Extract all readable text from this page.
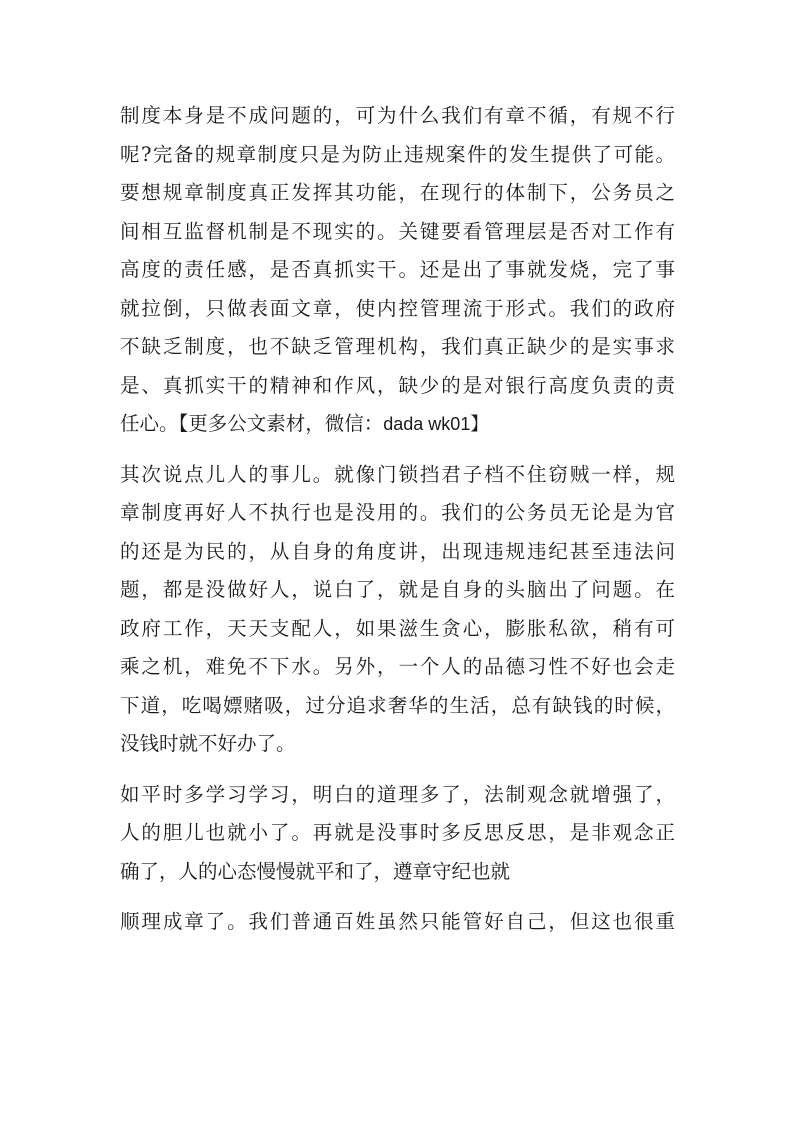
制度本身是不成问题的，可为什么我们有章不循，有规不行
呢?完备的规章制度只是为防止违规案件的发生提供了可能。
要想规章制度真正发挥其功能，在现行的体制下，公务员之
间相互监督机制是不现实的。关键要看管理层是否对工作有
高度的责任感，是否真抓实干。还是出了事就发烧，完了事
就拉倒，只做表面文章，使内控管理流于形式。我们的政府
不缺乏制度，也不缺乏管理机构，我们真正缺少的是实事求
是、真抓实干的精神和作风，缺少的是对银行高度负责的责
任心。【更多公文素材，微信：dada wk01】
其次说点儿人的事儿。就像门锁挡君子档不住窃贼一样，规
章制度再好人不执行也是没用的。我们的公务员无论是为官
的还是为民的，从自身的角度讲，出现违规违纪甚至违法问
题，都是没做好人，说白了，就是自身的头脑出了问题。在
政府工作，天天支配人，如果滋生贪心，膨胀私欲，稍有可
乘之机，难免不下水。另外，一个人的品德习性不好也会走
下道，吃喝嫖赌吸，过分追求奢华的生活，总有缺钱的时候，
没钱时就不好办了。
如平时多学习学习，明白的道理多了，法制观念就增强了，
人的胆儿也就小了。再就是没事时多反思反思，是非观念正
确了，人的心态慢慢就平和了，遵章守纪也就
顺理成章了。我们普通百姓虽然只能管好自己，但这也很重
